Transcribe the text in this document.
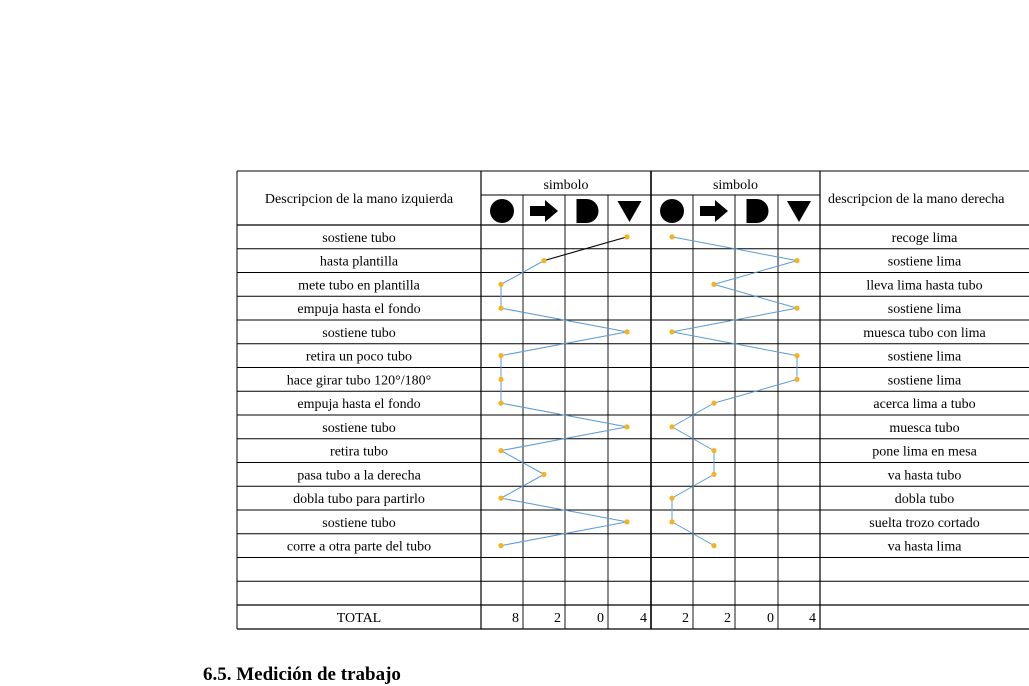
Descripcion de la mano izquierda
simbolo	simbolo
descripcion de la mano derecha
sostiene tubo	recoge lima
hasta plantilla	sostiene lima
mete tubo en plantilla	lleva lima hasta tubo
empuja hasta el fondo	sostiene lima
sostiene tubo	muesca tubo con lima
retira un poco tubo	sostiene lima
hace girar tubo 120°/180°	sostiene lima
empuja hasta el fondo	acerca lima a tubo
sostiene tubo	muesca tubo
retira tubo	pone lima en mesa
pasa tubo a la derecha	va hasta tubo
dobla tubo para partirlo	dobla tubo
sostiene tubo	suelta trozo cortado
corre a otra parte del tubo	va hasta lima
TOTAL	8	2	0	4	2	2	0	4
6.5. Medición de trabajo
